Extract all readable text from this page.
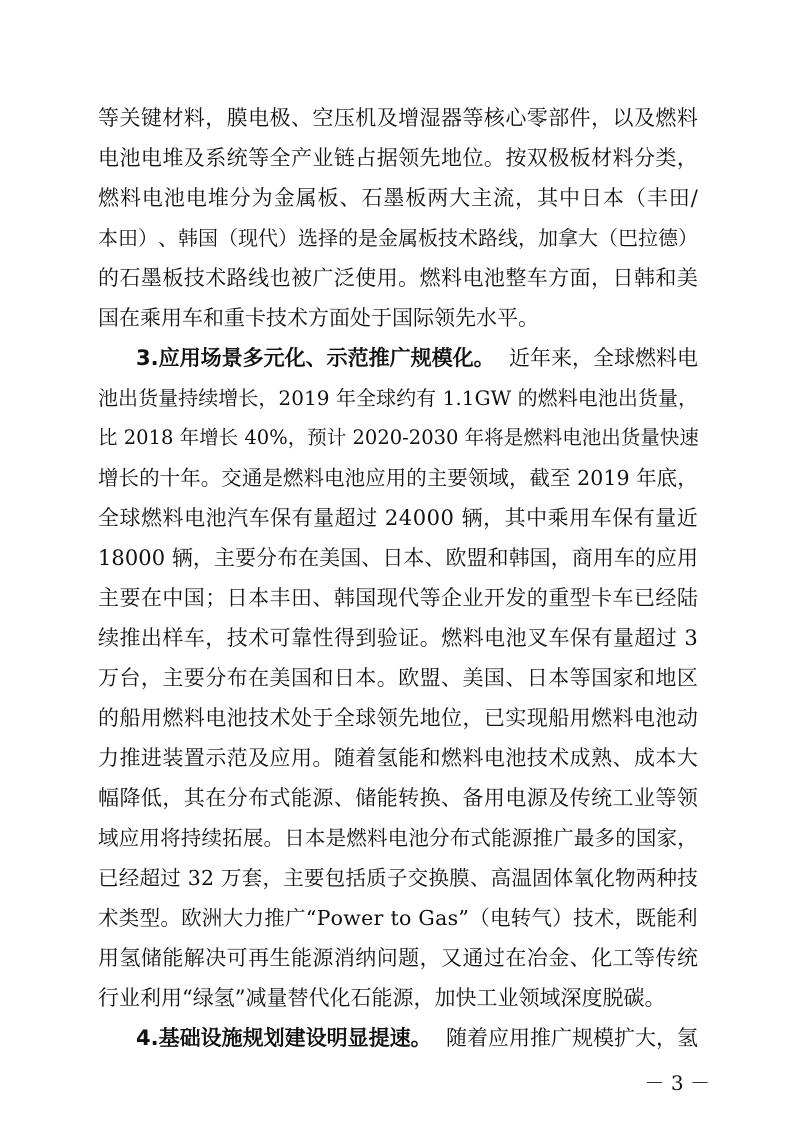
等 关 键 材 料 ， 膜 电 极 、 空 压 机 及 增 湿 器 等 核 心 零 部 件 ， 以 及 燃 料
电 池 电 堆 及 系 统 等 全 产 业 链 占 据 领 先 地 位 。 按 双 极 板 材 料 分 类 ，
燃 料 电 池 电 堆 分 为 金 属 板 、 石 墨 板 两 大 主 流 ， 其 中 日 本 （ 丰 田 /
本 田 ） 、 韩 国 （ 现 代 ） 选 择 的 是 金 属 板 技 术 路 线 ， 加 拿 大 （ 巴 拉 德 ）
的 石 墨 板 技 术 路 线 也 被 广 泛 使 用 。 燃 料 电 池 整 车 方 面 ， 日 韩 和 美
国在乘用车和重卡技术方面处于国际领先水平。
3.应用场景多元化、示范推广规模化。 近年来，全球燃料电
池 出 货 量 持 续 增 长 ， 2 0 1 9
年 全 球 约 有
1 . 1 G W
的 燃 料 电 池 出 货 量 ，
比
2 0 1 8
年 增 长
4 0 % ， 预 计
2 0 2 0 - 2 0 3 0
年 将 是 燃 料 电 池 出 货 量 快 速
增 长 的 十 年 。 交 通 是 燃 料 电 池 应 用 的 主 要 领 域 ， 截 至
2 0 1 9
年 底 ，
全 球 燃 料 电 池 汽 车 保 有 量 超 过
2 4 0 0 0
辆 ， 其 中 乘 用 车 保 有 量 近
1 8 0 0 0
辆 ， 主 要 分 布 在 美 国 、 日 本 、 欧 盟 和 韩 国 ， 商 用 车 的 应 用
主 要 在 中 国 ； 日 本 丰 田 、 韩 国 现 代 等 企 业 开 发 的 重 型 卡 车 已 经 陆
续 推 出 样 车 ， 技 术 可 靠 性 得 到 验 证 。 燃 料 电 池 叉 车 保 有 量 超 过
3
万 台 ， 主 要 分 布 在 美 国 和 日 本 。 欧 盟 、 美 国 、 日 本 等 国 家 和 地 区
的 船 用 燃 料 电 池 技 术 处 于 全 球 领 先 地 位 ， 已 实 现 船 用 燃 料 电 池 动
力 推 进 装 置 示 范 及 应 用 。 随 着 氢 能 和 燃 料 电 池 技 术 成 熟 、 成 本 大
幅 降 低 ， 其 在 分 布 式 能 源 、 储 能 转 换 、 备 用 电 源 及 传 统 工 业 等 领
域 应 用 将 持 续 拓 展 。 日 本 是 燃 料 电 池 分 布 式 能 源 推 广 最 多 的 国 家 ，
已 经 超 过
3 2
万 套 ， 主 要 包 括 质 子 交 换 膜 、 高 温 固 体 氧 化 物 两 种 技
术 类 型 。 欧 洲 大 力 推 广 “ P o w e r
t o
G a s ” （ 电 转 气 ） 技 术 ， 既 能 利
用 氢 储 能 解 决 可 再 生 能 源 消 纳 问 题 ， 又 通 过 在 冶 金 、 化 工 等 传 统
行业利用“绿氢”减量替代化石能源，加快工业领域深度脱碳。
4.基础设施规划建设明显提速。 随着应用推广规模扩大，氢
－ 3 －
